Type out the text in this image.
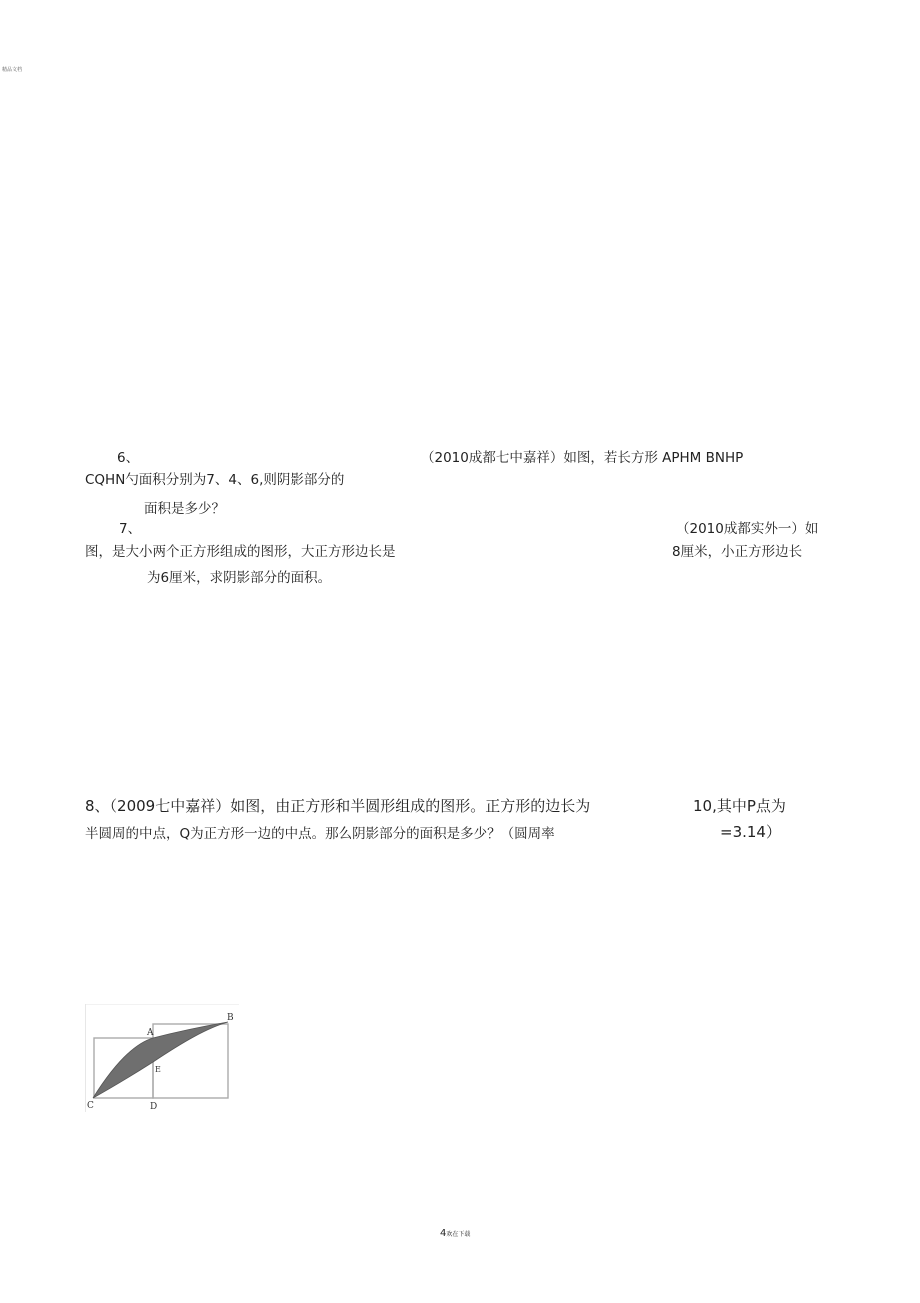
精品文档
6、	（2010成都七中嘉祥）如图，若长方形 APHM BNHP
CQHN勺面积分别为7、4、6,则阴影部分的
面积是多少？
7、	（2010成都实外一）如
图，是大小两个正方形组成的图形，大正方形边长是	8厘米，小正方形边长
为6厘米，求阴影部分的面积。
8、（2009七中嘉祥）如图，由正方形和半圆形组成的图形。正方形的边长为	10,其中P点为
半圆周的中点，Q为正方形一边的中点。那么阴影部分的面积是多少？（圆周率	=3.14）
A
B
C	D
E
4欢在下载
